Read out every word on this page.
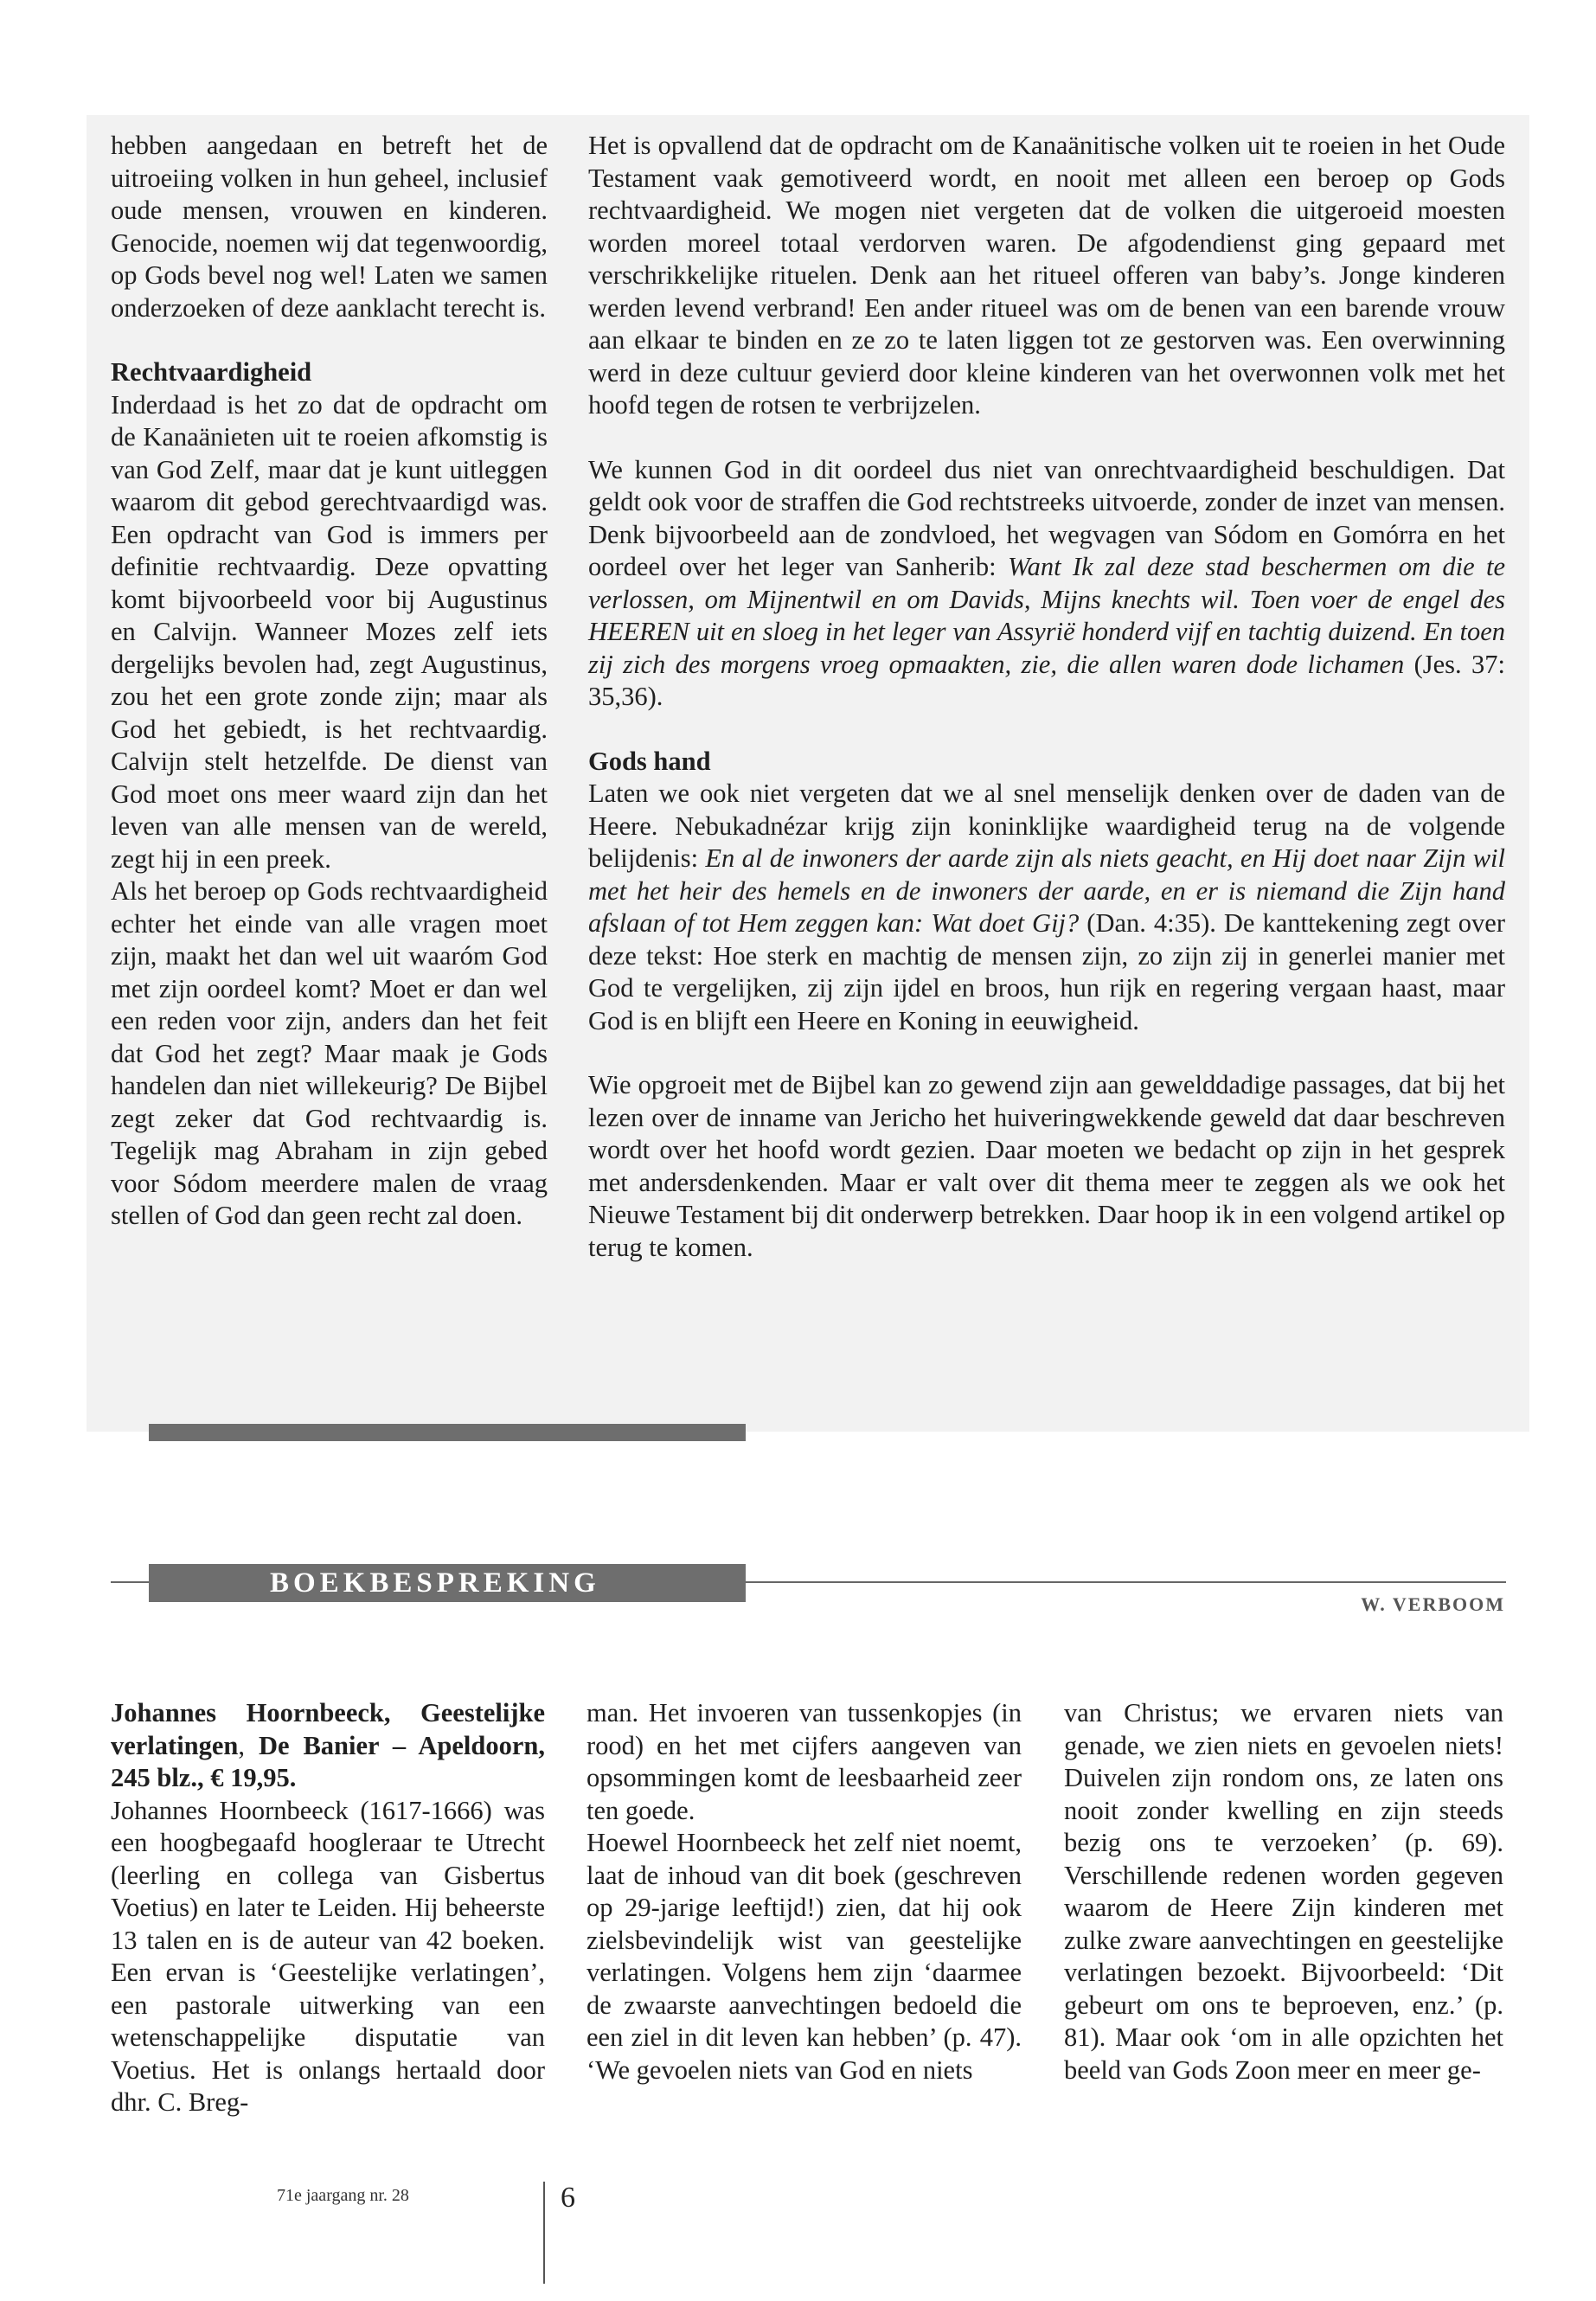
hebben aangedaan en betreft het de uitroeiing volken in hun geheel, inclusief oude mensen, vrouwen en kinderen. Genocide, noemen wij dat tegenwoordig, op Gods bevel nog wel! Laten we samen onderzoeken of deze aanklacht terecht is.

Rechtvaardigheid

Inderdaad is het zo dat de opdracht om de Kanaänieten uit te roeien afkomstig is van God Zelf, maar dat je kunt uitleggen waarom dit gebod gerechtvaardigd was. Een opdracht van God is immers per definitie rechtvaardig. Deze opvatting komt bijvoorbeeld voor bij Augustinus en Calvijn. Wanneer Mozes zelf iets dergelijks bevolen had, zegt Augustinus, zou het een grote zonde zijn; maar als God het gebiedt, is het rechtvaardig. Calvijn stelt hetzelfde. De dienst van God moet ons meer waard zijn dan het leven van alle mensen van de wereld, zegt hij in een preek.

Als het beroep op Gods rechtvaardigheid echter het einde van alle vragen moet zijn, maakt het dan wel uit waaróm God met zijn oordeel komt? Moet er dan wel een reden voor zijn, anders dan het feit dat God het zegt? Maar maak je Gods handelen dan niet willekeurig? De Bijbel zegt zeker dat God rechtvaardig is. Tegelijk mag Abraham in zijn gebed voor Sódom meerdere malen de vraag stellen of God dan geen recht zal doen.

Het is opvallend dat de opdracht om de Kanaänitische volken uit te roeien in het Oude Testament vaak gemotiveerd wordt, en nooit met alleen een beroep op Gods rechtvaardigheid. We mogen niet vergeten dat de volken die uitgeroeid moesten worden moreel totaal verdorven waren. De afgodendienst ging gepaard met verschrikkelijke rituelen. Denk aan het ritueel offeren van baby’s. Jonge kinderen werden levend verbrand! Een ander ritueel was om de benen van een barende vrouw aan elkaar te binden en ze zo te laten liggen tot ze gestorven was. Een overwinning werd in deze cultuur gevierd door kleine kinderen van het overwonnen volk met het hoofd tegen de rotsen te verbrijzelen.

We kunnen God in dit oordeel dus niet van onrechtvaardigheid beschuldigen. Dat geldt ook voor de straffen die God rechtstreeks uitvoerde, zonder de inzet van mensen. Denk bijvoorbeeld aan de zondvloed, het wegvagen van Sódom en Gomórra en het oordeel over het leger van Sanherib: Want Ik zal deze stad beschermen om die te verlossen, om Mijnentwil en om Davids, Mijns knechts wil. Toen voer de engel des HEEREN uit en sloeg in het leger van Assyrië honderd vijf en tachtig duizend. En toen zij zich des morgens vroeg opmaakten, zie, die allen waren dode lichamen (Jes. 37: 35,36).

Gods hand

Laten we ook niet vergeten dat we al snel menselijk denken over de daden van de Heere. Nebukadnézar krijg zijn koninklijke waardigheid terug na de volgende belijdenis: En al de inwoners der aarde zijn als niets geacht, en Hij doet naar Zijn wil met het heir des hemels en de inwoners der aarde, en er is niemand die Zijn hand afslaan of tot Hem zeggen kan: Wat doet Gij? (Dan. 4:35). De kanttekening zegt over deze tekst: Hoe sterk en machtig de mensen zijn, zo zijn zij in generlei manier met God te vergelijken, zij zijn ijdel en broos, hun rijk en regering vergaan haast, maar God is en blijft een Heere en Koning in eeuwigheid.

Wie opgroeit met de Bijbel kan zo gewend zijn aan gewelddadige passages, dat bij het lezen over de inname van Jericho het huiveringwekkende geweld dat daar beschreven wordt over het hoofd wordt gezien. Daar moeten we bedacht op zijn in het gesprek met andersdenkenden. Maar er valt over dit thema meer te zeggen als we ook het Nieuwe Testament bij dit onderwerp betrekken. Daar hoop ik in een volgend artikel op terug te komen.

BOEKBESPREKING
W. VERBOOM

Johannes Hoornbeeck, Geestelijke verlatingen, De Banier – Apeldoorn, 245 blz., € 19,95.

Johannes Hoornbeeck (1617-1666) was een hoogbegaafd hoogleraar te Utrecht (leerling en collega van Gisbertus Voetius) en later te Leiden. Hij beheerste 13 talen en is de auteur van 42 boeken. Een ervan is ‘Geestelijke verlatingen’, een pastorale uitwerking van een wetenschappelijke disputatie van Voetius. Het is onlangs hertaald door dhr. C. Breg-

man. Het invoeren van tussenkopjes (in rood) en het met cijfers aangeven van opsommingen komt de leesbaarheid zeer ten goede.

Hoewel Hoornbeeck het zelf niet noemt, laat de inhoud van dit boek (geschreven op 29-jarige leeftijd!) zien, dat hij ook zielsbevindelijk wist van geestelijke verlatingen. Volgens hem zijn ‘daarmee de zwaarste aanvechtingen bedoeld die een ziel in dit leven kan hebben’ (p. 47). ‘We gevoelen niets van God en niets

van Christus; we ervaren niets van genade, we zien niets en gevoelen niets! Duivelen zijn rondom ons, ze laten ons nooit zonder kwelling en zijn steeds bezig ons te verzoeken’ (p. 69). Verschillende redenen worden gegeven waarom de Heere Zijn kinderen met zulke zware aanvechtingen en geestelijke verlatingen bezoekt. Bijvoorbeeld: ‘Dit gebeurt om ons te beproeven, enz.’ (p. 81). Maar ook ‘om in alle opzichten het beeld van Gods Zoon meer en meer ge-

71e jaargang nr. 28	6
